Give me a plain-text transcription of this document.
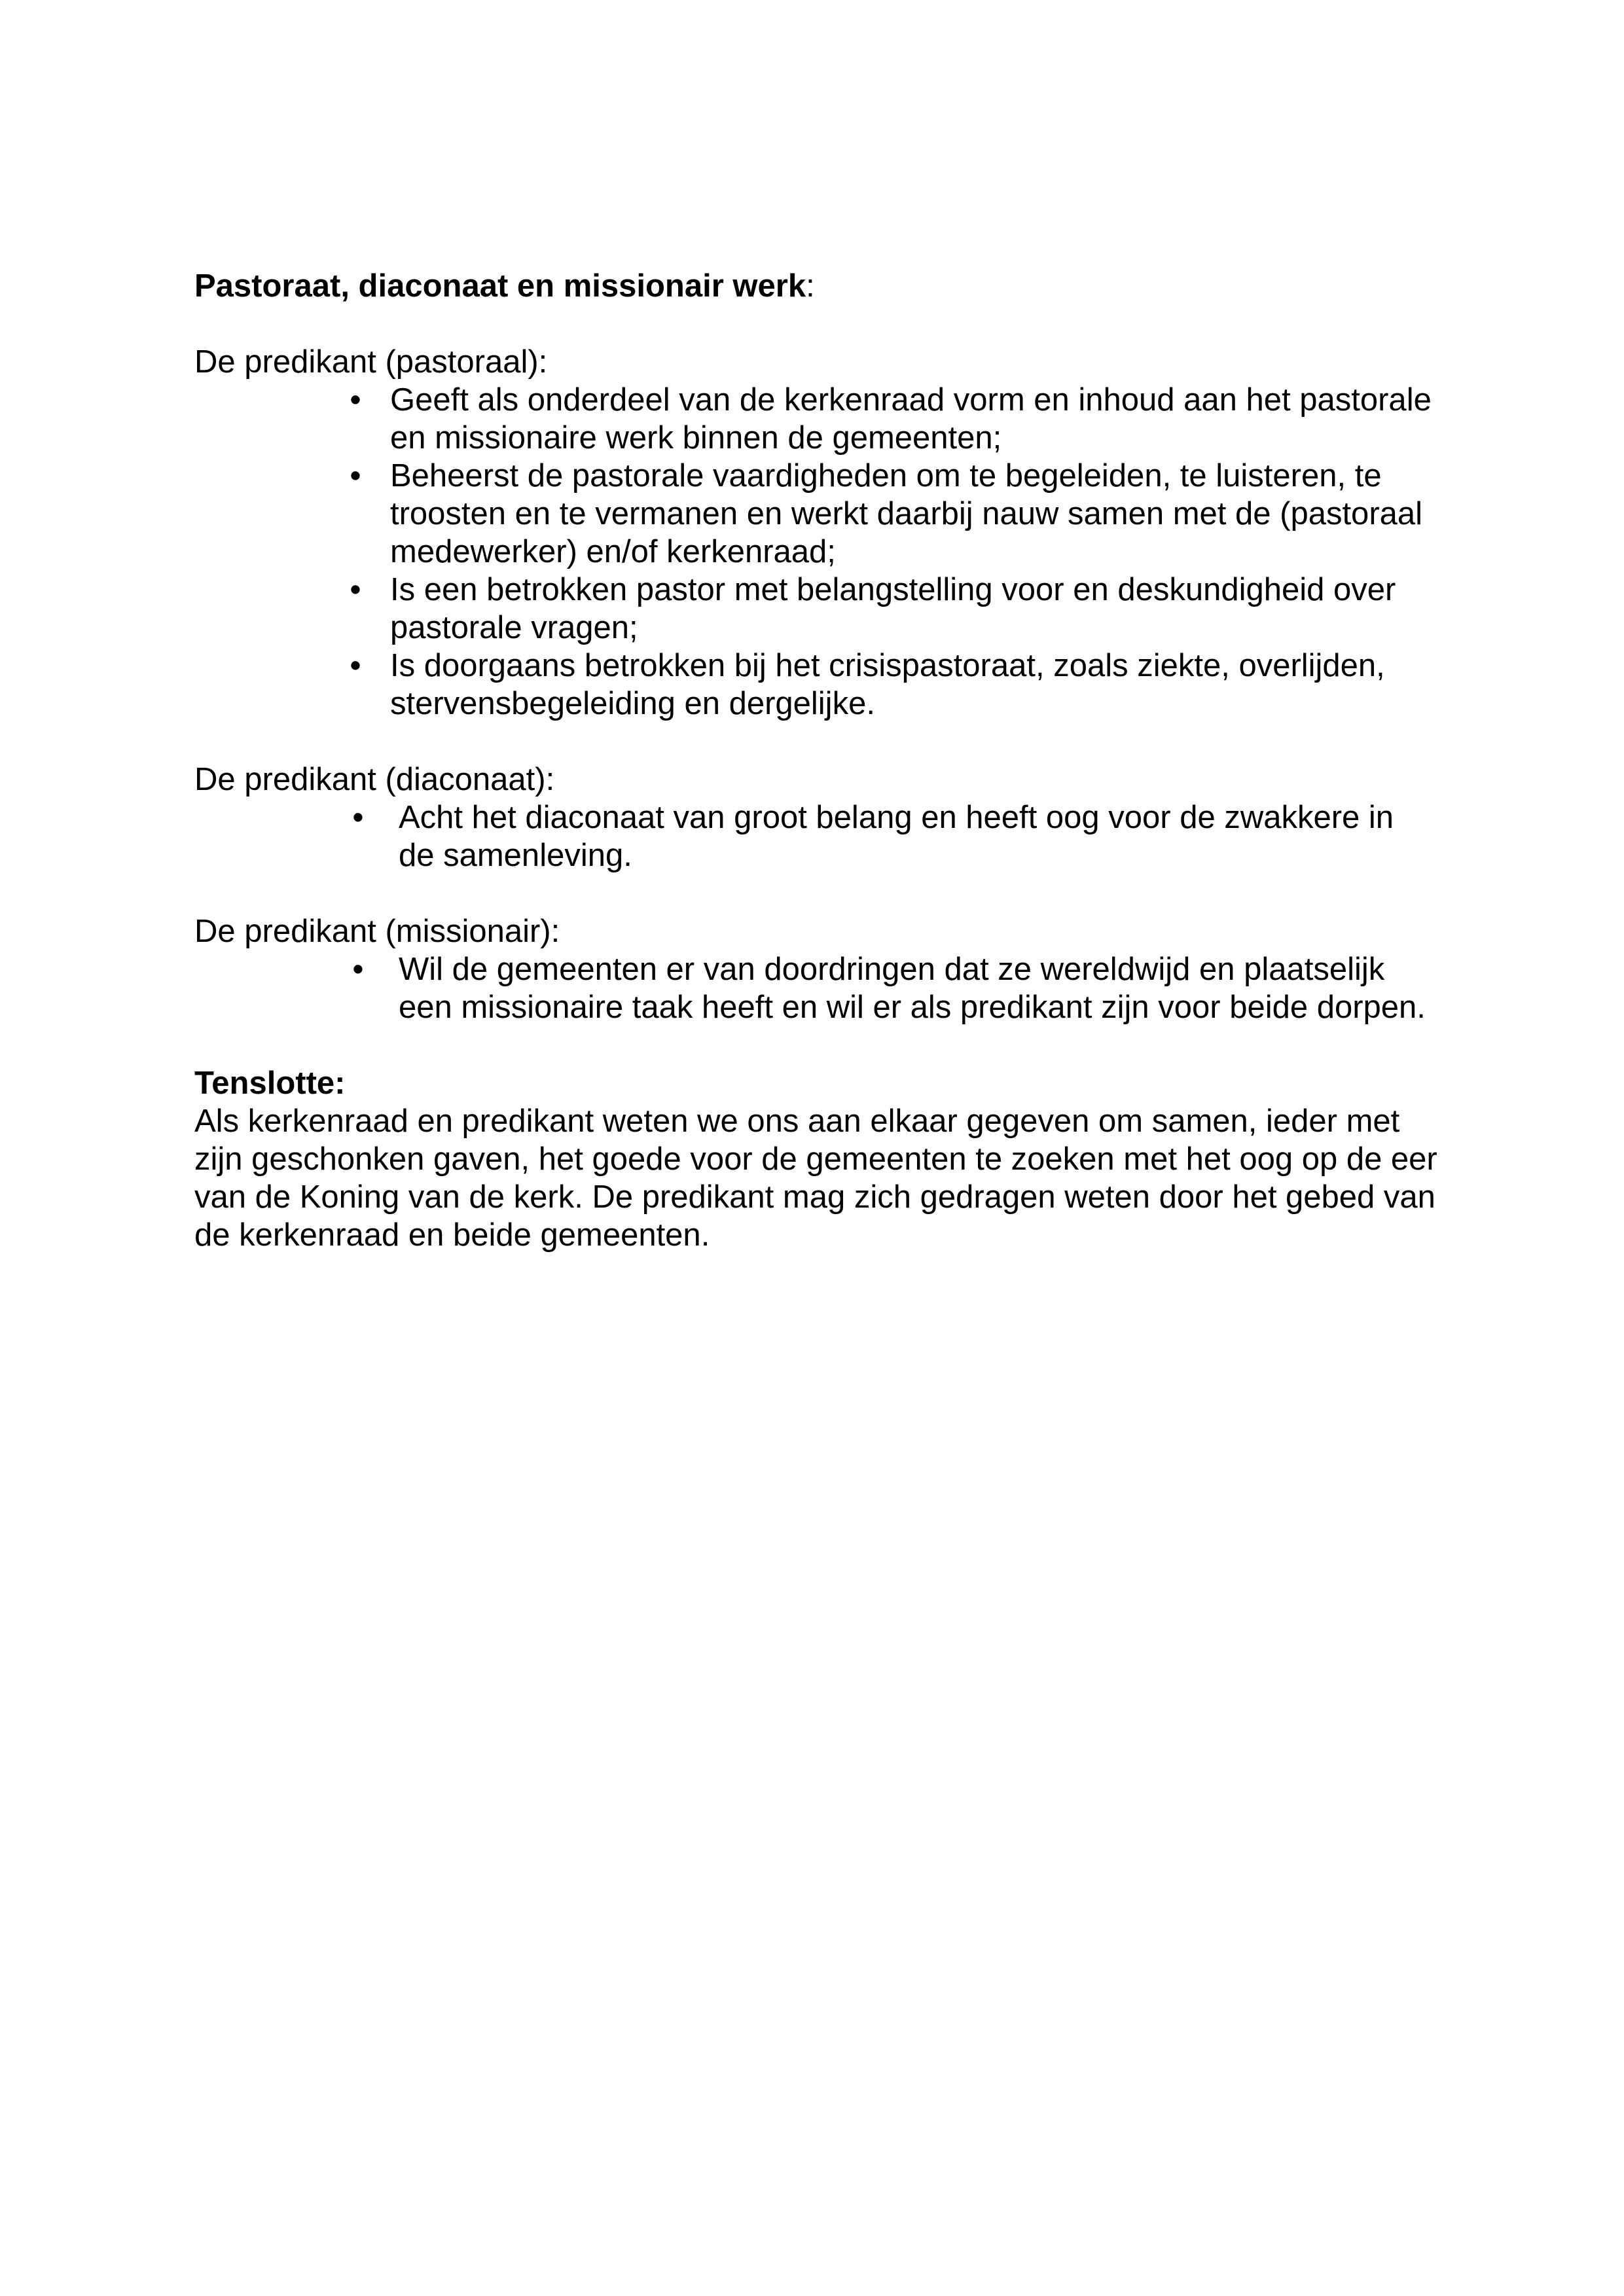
Pastoraat, diaconaat en missionair werk:

De predikant (pastoraal):

• Geeft als onderdeel van de kerkenraad vorm en inhoud aan het pastorale en missionaire werk binnen de gemeenten;
• Beheerst de pastorale vaardigheden om te begeleiden, te luisteren, te troosten en te vermanen en werkt daarbij nauw samen met de (pastoraal medewerker) en/of kerkenraad;
• Is een betrokken pastor met belangstelling voor en deskundigheid over pastorale vragen;
• Is doorgaans betrokken bij het crisispastoraat, zoals ziekte, overlijden, stervensbegeleiding en dergelijke.

De predikant (diaconaat):

• Acht het diaconaat van groot belang en heeft oog voor de zwakkere in de samenleving.

De predikant (missionair):

• Wil de gemeenten er van doordringen dat ze wereldwijd en plaatselijk een missionaire taak heeft en wil er als predikant zijn voor beide dorpen.

Tenslotte:

Als kerkenraad en predikant weten we ons aan elkaar gegeven om samen, ieder met zijn geschonken gaven, het goede voor de gemeenten te zoeken met het oog op de eer van de Koning van de kerk. De predikant mag zich gedragen weten door het gebed van de kerkenraad en beide gemeenten.
